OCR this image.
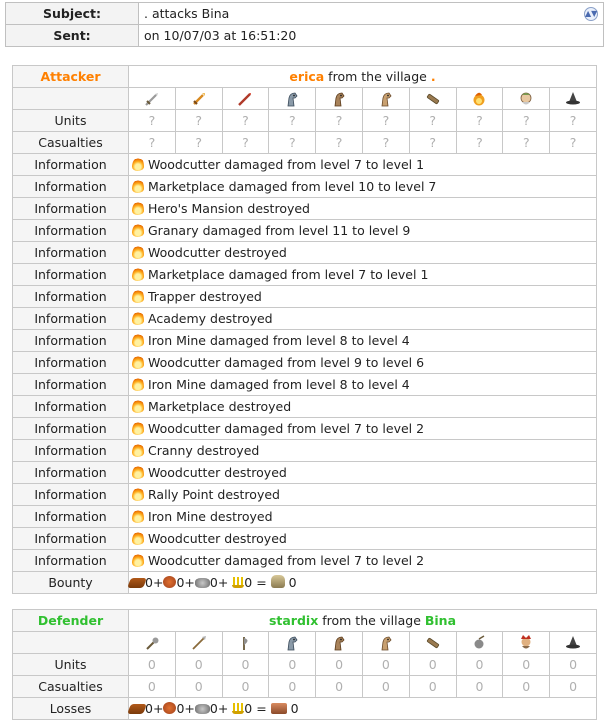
Subject:	. attacks Bina ▲▼

Sent:	on 10/07/03 at 16:51:20
Attacker	erica from the village .									

Units	?	?	?	?	?	?	?	?	?	?
Casualties	?	?	?	?	?	?	?	?	?	?
Information	Woodcutter damaged from level 7 to level 1									
Information	Marketplace damaged from level 10 to level 7									
Information	Hero's Mansion destroyed									
Information	Granary damaged from level 11 to level 9									
Information	Woodcutter destroyed									
Information	Marketplace damaged from level 7 to level 1									
Information	Trapper destroyed									
Information	Academy destroyed									
Information	Iron Mine damaged from level 8 to level 4									
Information	Woodcutter damaged from level 9 to level 6									
Information	Iron Mine damaged from level 8 to level 4									
Information	Marketplace destroyed									
Information	Woodcutter damaged from level 7 to level 2									
Information	Cranny destroyed									
Information	Woodcutter destroyed									
Information	Rally Point destroyed									
Information	Iron Mine destroyed									
Information	Woodcutter destroyed									
Information	Woodcutter damaged from level 7 to level 2									
Bounty	0+ 0+ 0+ 0 =  0									
Defender	stardix from the village Bina									

Units	0	0	0	0	0	0	0	0	0	0
Casualties	0	0	0	0	0	0	0	0	0	0
Losses	0+ 0+ 0+ 0 =  0									
